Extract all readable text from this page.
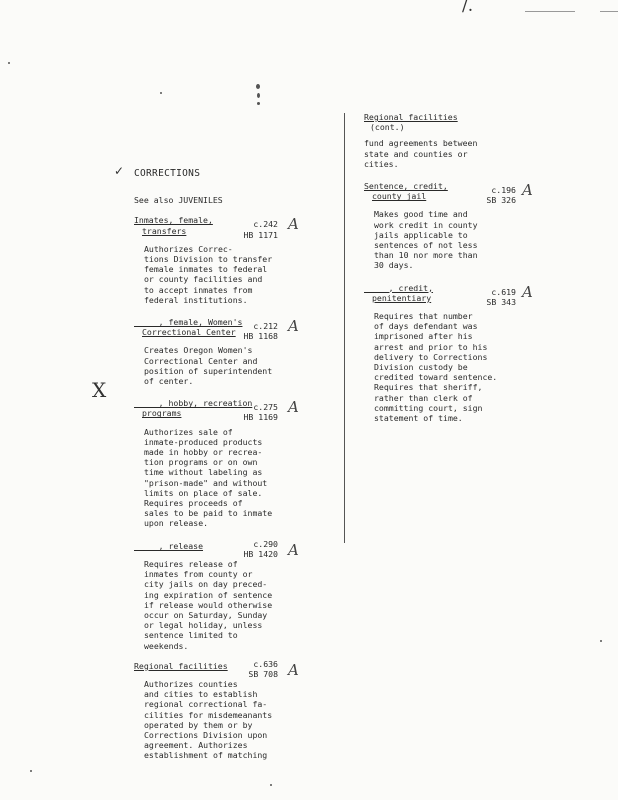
/.
X
✓ CORRECTIONS
See also JUVENILES
Inmates, female,
transfers
c.242
HB 1171
A
Authorizes Correc-
tions Division to transfer
female inmates to federal
or county facilities and
to accept inmates from
federal institutions.
_____, female, Women's
Correctional Center
c.212
HB 1168
A
Creates Oregon Women's
Correctional Center and
position of superintendent
of center.
_____, hobby, recreation
programs
c.275
HB 1169
A
Authorizes sale of
inmate-produced products
made in hobby or recrea-
tion programs or on own
time without labeling as
"prison-made" and without
limits on place of sale.
Requires proceeds of
sales to be paid to inmate
upon release.
_____, release	c.290
HB 1420 A
Requires release of
inmates from county or
city jails on day preced-
ing expiration of sentence
if release would otherwise
occur on Saturday, Sunday
or legal holiday, unless
sentence limited to weekends.
Regional facilities	c.636
SB 708 A
Authorizes counties
and cities to establish
regional correctional fa-
cilities for misdemeanants
operated by them or by
Corrections Division upon
agreement. Authorizes
establishment of matching
Regional facilities
(cont.)
fund agreements between
state and counties or
cities.
Sentence, credit,
county jail
c.196
SB 326
A
Makes good time and
work credit in county
jails applicable to
sentences of not less
than 10 nor more than
30 days.
_____, credit,
penitentiary
c.619
SB 343
A
Requires that number
of days defendant was
imprisoned after his
arrest and prior to his
delivery to Corrections
Division custody be
credited toward sentence.
Requires that sheriff,
rather than clerk of
committing court, sign
statement of time.
